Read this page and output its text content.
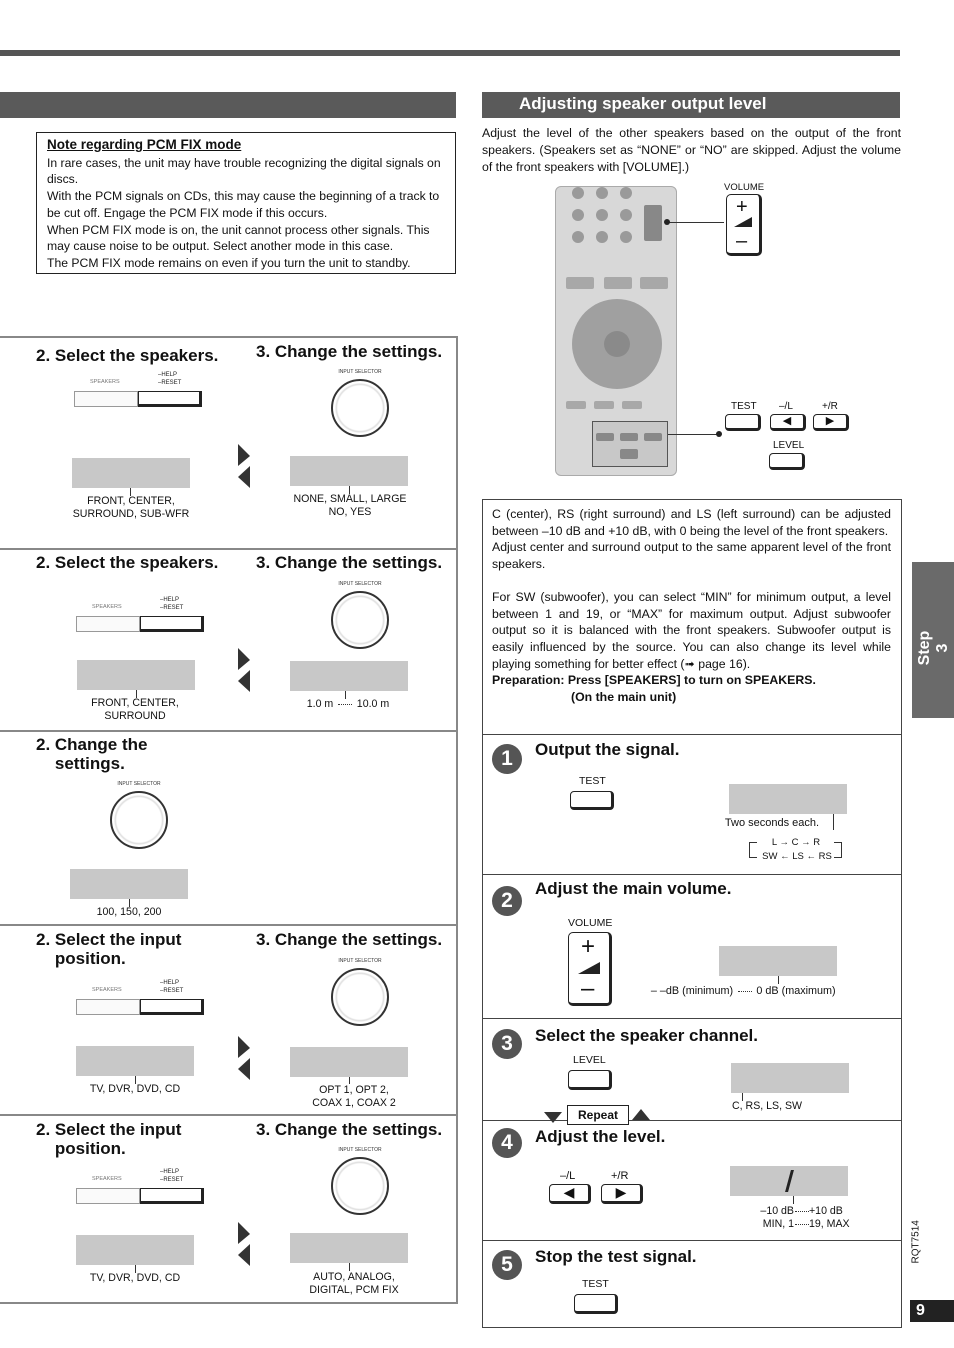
Adjusting speaker output level
Note regarding PCM FIX mode
In rare cases, the unit may have trouble recognizing the digital signals on discs.
With the PCM signals on CDs, this may cause the beginning of a track to be cut off. Engage the PCM FIX mode if this occurs.
When PCM FIX mode is on, the unit cannot process other signals. This may cause noise to be output. Select another mode in this case.
The PCM FIX mode remains on even if you turn the unit to standby.
Adjust the level of the other speakers based on the output of the front speakers. (Speakers set as “NONE” or “NO” are skipped. Adjust the volume of the front speakers with [VOLUME].)
2. Select the speakers. 3. Change the settings.
SPEAKERS
–HELP
–RESET
INPUT SELECTOR
FRONT, CENTER,
SURROUND, SUB-WFR
NONE, SMALL, LARGE
NO, YES
2. Select the speakers. 3. Change the settings.
SPEAKERS
–HELP
–RESET
INPUT SELECTOR
FRONT, CENTER,
SURROUND
1.0 m	10.0 m
2. Change the
settings.
INPUT SELECTOR
100, 150, 200
2. Select the input
position.
3. Change the settings.
SPEAKERS
–HELP
–RESET
INPUT SELECTOR
TV, DVR, DVD, CD	OPT 1, OPT 2,
COAX 1, COAX 2
2. Select the input
position.
3. Change the settings.
SPEAKERS
–HELP
–RESET
INPUT SELECTOR
TV, DVR, DVD, CD	AUTO, ANALOG,
DIGITAL, PCM FIX
VOLUME
+
–
TEST –/L
◀
+/R
▶
LEVEL
C (center), RS (right surround) and LS (left surround) can be adjusted between –10 dB and +10 dB, with 0 being the level of the front speakers.
Adjust center and surround output to the same apparent level of the front speakers.
For SW (subwoofer), you can select “MIN” for minimum output, a level between 1 and 19, or “MAX” for maximum output. Adjust subwoofer output so it is balanced with the front speakers. Subwoofer output is easily influenced by the source. You can also change its level while playing something for better effect (➟ page 16).
Preparation: Press [SPEAKERS] to turn on SPEAKERS.
(On the main unit)
1	Output the signal.
TEST
Two seconds each.
L → C → R
SW ← LS ← RS
2
Adjust the main volume.
VOLUME
+
–	– –dB (minimum)	0 dB (maximum)
3	Select the speaker channel.
LEVEL
C, RS, LS, SW
Repeat
4	Adjust the level.
–/L
◀
+/R
▶
–10 dB +10 dB
MIN, 1 19, MAX
5	Stop the test signal.
TEST
Step 3
RQT7514
9
